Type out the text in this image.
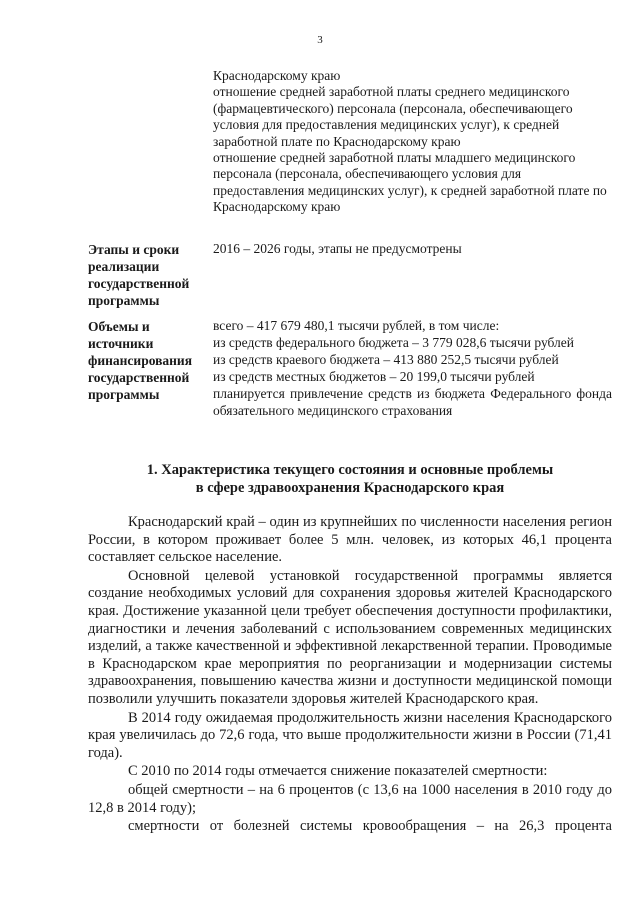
3

Краснодарскому краю

отношение средней заработной платы среднего медицинского (фармацевтического) персонала (персонала, обеспечивающего условия для предоставления медицинских услуг), к средней заработной плате по Краснодарскому краю

отношение средней заработной платы младшего медицинского персонала (персонала, обеспечивающего условия для предоставления медицинских услуг), к средней заработной плате по Краснодарскому краю

Этапы и сроки реализации государственной программы

2016 – 2026 годы, этапы не предусмотрены

Объемы и источники финансирования государственной программы

всего – 417 679 480,1 тысячи рублей, в том числе:

из средств федерального бюджета – 3 779 028,6 тысячи рублей

из средств краевого бюджета – 413 880 252,5 тысячи рублей

из средств местных бюджетов – 20 199,0 тысячи рублей

планируется привлечение средств из бюджета Федерального фонда обязательного медицинского страхования

1. Характеристика текущего состояния и основные проблемы

в сфере здравоохранения Краснодарского края

Краснодарский край – один из крупнейших по численности населения регион России, в котором проживает более 5 млн. человек, из которых 46,1 процента составляет сельское население.

Основной целевой установкой государственной программы является создание необходимых условий для сохранения здоровья жителей Краснодарского края. Достижение указанной цели требует обеспечения доступности профилактики, диагностики и лечения заболеваний с использованием современных медицинских изделий, а также качественной и эффективной лекарственной терапии. Проводимые в Краснодарском крае мероприятия по реорганизации и модернизации системы здравоохранения, повышению качества жизни и доступности медицинской помощи позволили улучшить показатели здоровья жителей Краснодарского края.

В 2014 году ожидаемая продолжительность жизни населения Краснодарского края увеличилась до 72,6 года, что выше продолжительности жизни в России (71,41 года).

С 2010 по 2014 годы отмечается снижение показателей смертности:

общей смертности – на 6 процентов (с 13,6 на 1000 населения в 2010 году до 12,8 в 2014 году);

смертности от болезней системы кровообращения – на 26,3 процента
